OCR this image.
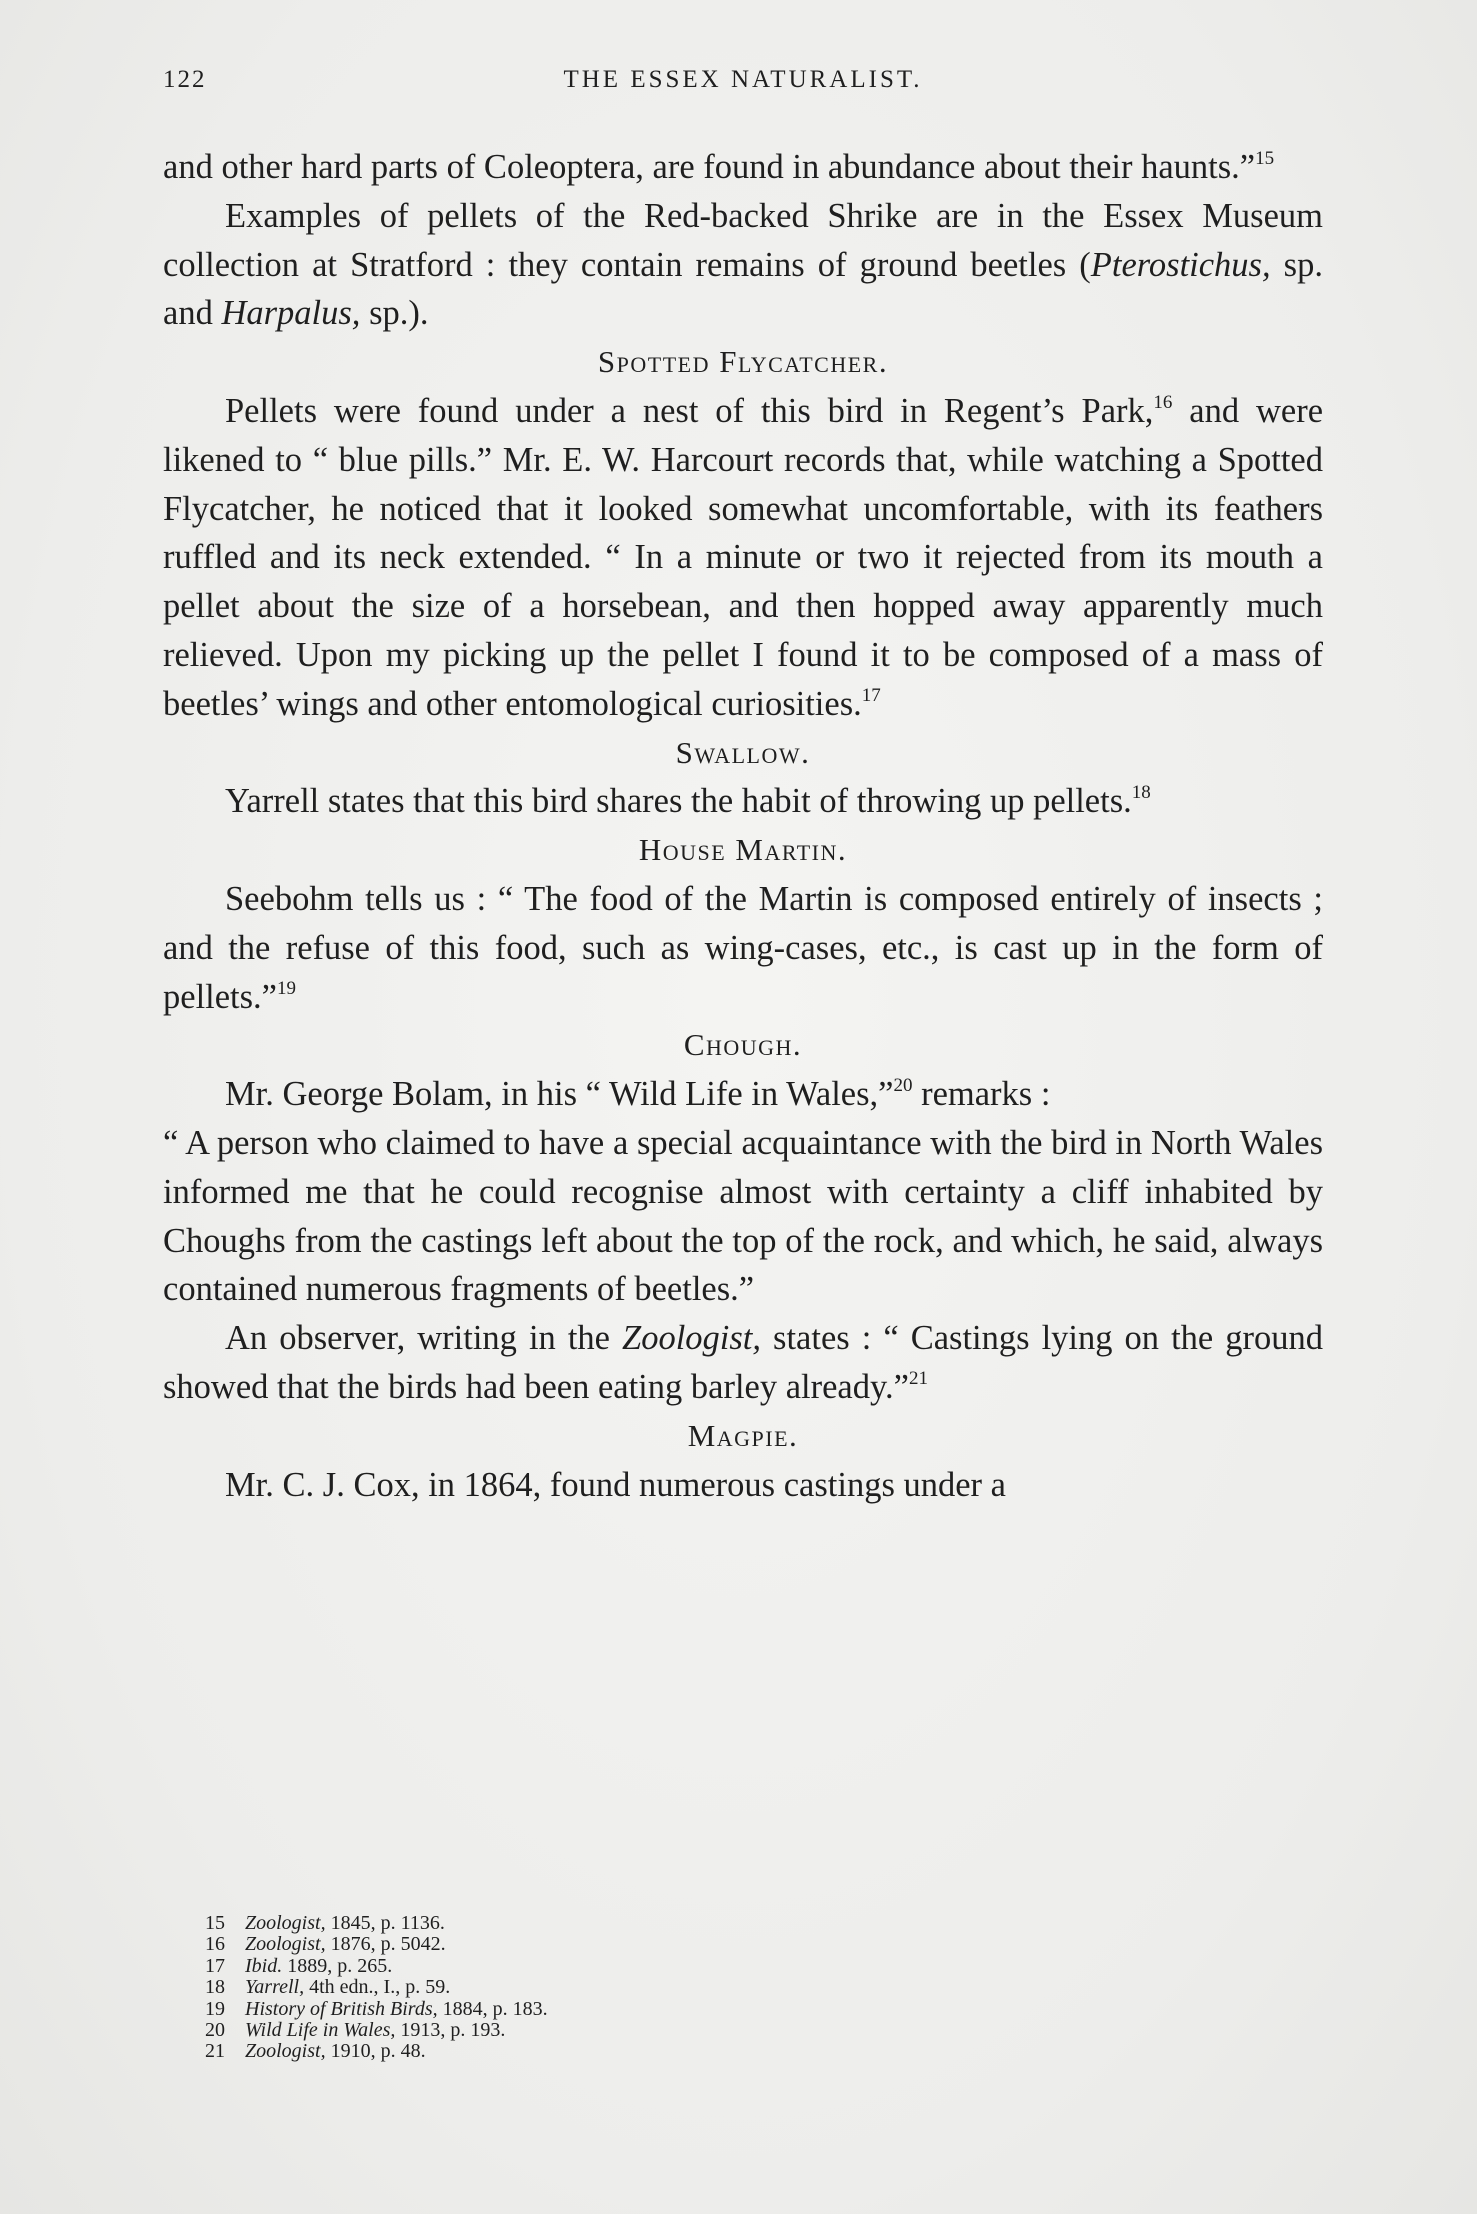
122	THE ESSEX NATURALIST.

and other hard parts of Coleoptera, are found in abundance about their haunts.”$^{15}$

Examples of pellets of the Red-backed Shrike are in the Essex Museum collection at Stratford : they contain remains of ground beetles (Pterostichus, sp. and Harpalus, sp.).

Spotted Flycatcher.

Pellets were found under a nest of this bird in Regent’s Park,$^{16}$ and were likened to “ blue pills.” Mr. E. W. Harcourt records that, while watching a Spotted Flycatcher, he noticed that it looked somewhat uncomfortable, with its feathers ruffled and its neck extended. “ In a minute or two it rejected from its mouth a pellet about the size of a horsebean, and then hopped away apparently much relieved. Upon my picking up the pellet I found it to be composed of a mass of beetles’ wings and other entomological curiosities.$^{17}$

Swallow.

Yarrell states that this bird shares the habit of throwing up pellets.$^{18}$

House Martin.

Seebohm tells us : “ The food of the Martin is composed entirely of insects ; and the refuse of this food, such as wing-cases, etc., is cast up in the form of pellets.”$^{19}$

Chough.

Mr. George Bolam, in his “ Wild Life in Wales,”$^{20}$ remarks :

“ A person who claimed to have a special acquaintance with the bird in North Wales informed me that he could recognise almost with certainty a cliff inhabited by Choughs from the castings left about the top of the rock, and which, he said, always contained numerous fragments of beetles.”

An observer, writing in the Zoologist, states : “ Castings lying on the ground showed that the birds had been eating barley already.”$^{21}$

Magpie.

Mr. C. J. Cox, in 1864, found numerous castings under a

15 Zoologist, 1845, p. 1136.

16 Zoologist, 1876, p. 5042.

17 Ibid. 1889, p. 265.

18 Yarrell, 4th edn., I., p. 59.

19 History of British Birds, 1884, p. 183.

20 Wild Life in Wales, 1913, p. 193.

21 Zoologist, 1910, p. 48.
